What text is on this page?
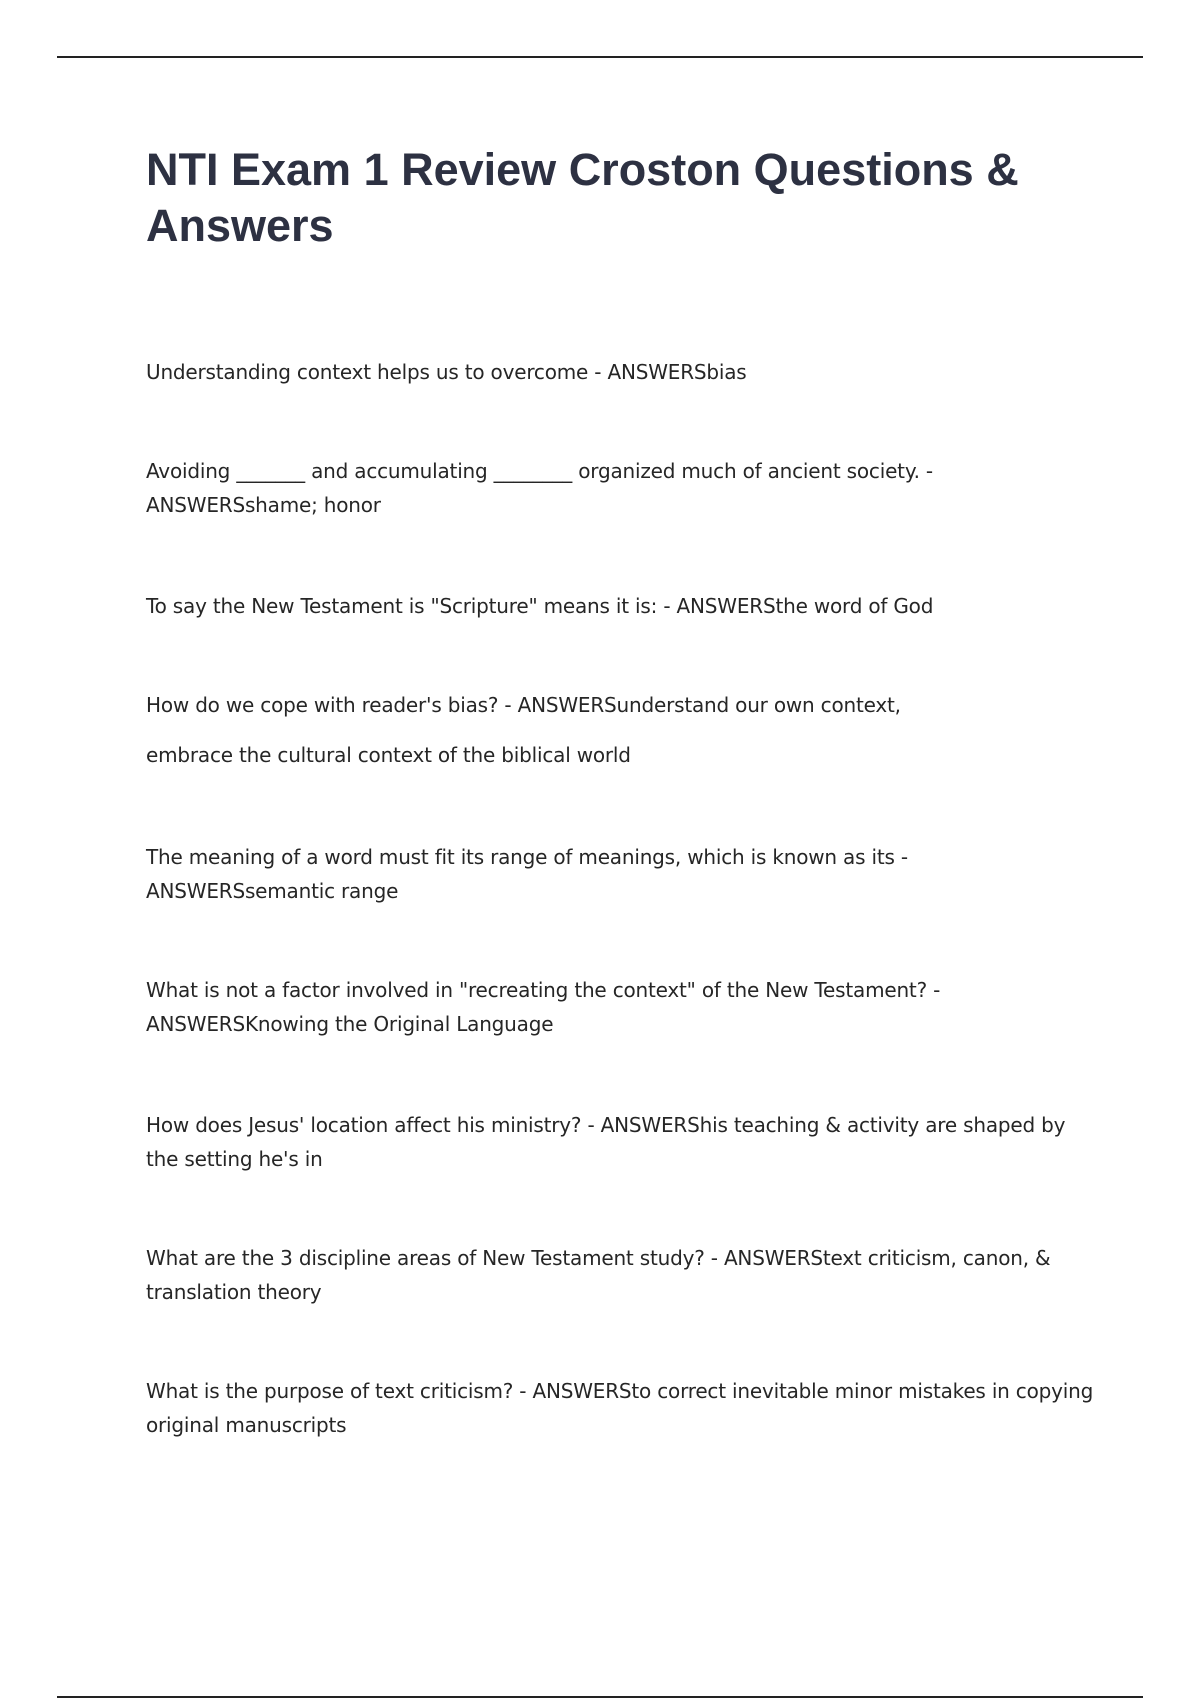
NTI Exam 1 Review Croston Questions & Answers

Understanding context helps us to overcome - ANSWERSbias

Avoiding _______ and accumulating ________ organized much of ancient society. -
ANSWERSshame; honor

To say the New Testament is "Scripture" means it is: - ANSWERSthe word of God

How do we cope with reader's bias? - ANSWERSunderstand our own context,
embrace the cultural context of the biblical world

The meaning of a word must fit its range of meanings, which is known as its -
ANSWERSsemantic range

What is not a factor involved in "recreating the context" of the New Testament? -
ANSWERSKnowing the Original Language

How does Jesus' location affect his ministry? - ANSWERShis teaching & activity are shaped by
the setting he's in

What are the 3 discipline areas of New Testament study? - ANSWERStext criticism, canon, &
translation theory

What is the purpose of text criticism? - ANSWERSto correct inevitable minor mistakes in copying
original manuscripts
